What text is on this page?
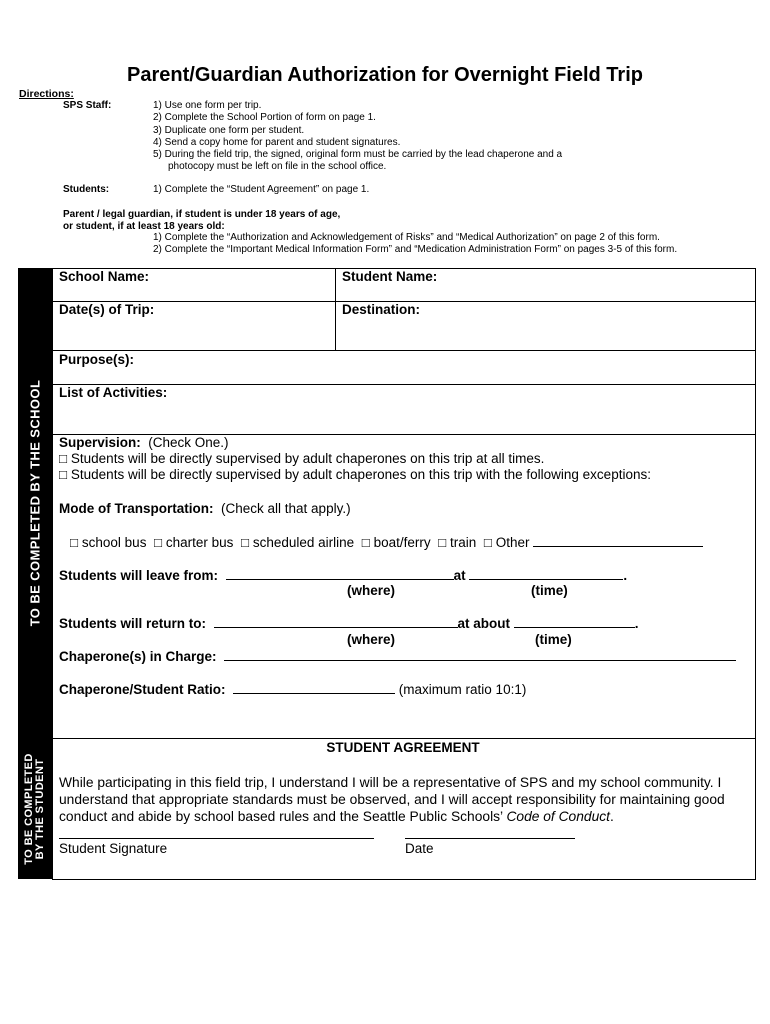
Parent/Guardian Authorization for Overnight Field Trip
Directions:
SPS Staff:	1) Use one form per trip.
2) Complete the School Portion of form on page 1.
3) Duplicate one form per student.
4) Send a copy home for parent and student signatures.
5) During the field trip, the signed, original form must be carried by the lead chaperone and a
photocopy must be left on file in the school office.
Students:	1) Complete the “Student Agreement” on page 1.
Parent / legal guardian, if student is under 18 years of age,
or student, if at least 18 years old:
1) Complete the “Authorization and Acknowledgement of Risks” and “Medical Authorization” on page 2 of this form.
2) Complete the “Important Medical Information Form” and “Medication Administration Form” on pages 3-5 of this form.
TO BE COMPLETED BY THE SCHOOL
TO BE COMPLETED BY THE STUDENT
School Name:	Student Name:
Date(s) of Trip:	Destination:
Purpose(s):
List of Activities:
Supervision: (Check One.)
□ Students will be directly supervised by adult chaperones on this trip at all times.
□ Students will be directly supervised by adult chaperones on this trip with the following exceptions:
Mode of Transportation: (Check all that apply.)
□ school bus □ charter bus □ scheduled airline □ boat/ferry □ train □ Other
Students will leave from:	at	.
(where)	(time)
Students will return to:	at about	.
(where)	(time)
Chaperone(s) in Charge:
Chaperone/Student Ratio:	(maximum ratio 10:1)
STUDENT AGREEMENT
While participating in this field trip, I understand I will be a representative of SPS and my school community. I understand that appropriate standards must be observed, and I will accept responsibility for maintaining good conduct and abide by school based rules and the Seattle Public Schools’ Code of Conduct.
Student Signature	Date
